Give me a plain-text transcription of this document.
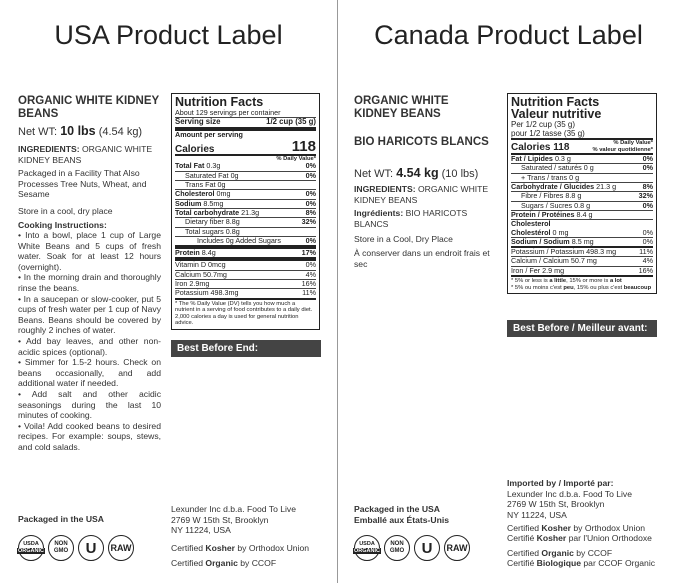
USA Product Label
ORGANIC WHITE KIDNEY BEANS
Net WT: 10 lbs (4.54 kg)
INGREDIENTS: ORGANIC WHITE KIDNEY BEANS
Packaged in a Facility That Also Processes Tree Nuts, Wheat, and Sesame
Store in a cool, dry place
Cooking Instructions:
• Into a bowl, place 1 cup of Large White Beans and 5 cups of fresh water. Soak for at least 12 hours (overnight).
• In the morning drain and thoroughly rinse the beans.
• In a saucepan or slow-cooker, put 5 cups of fresh water per 1 cup of Navy Beans. Beans should be covered by roughly 2 inches of water.
• Add bay leaves, and other non-acidic spices (optional).
• Simmer for 1.5-2 hours. Check on beans occasionally, and add additional water if needed.
• Add salt and other acidic seasonings during the last 10 minutes of cooking.
• Voila! Add cooked beans to desired recipes. For example: soups, stews, and cold salads.
Nutrition Facts
About 129 servings per container
Serving size	1/2 cup (35 g)
Amount per serving
Calories	118
% Daily Value*
Total Fat 0.3g	0%
Saturated Fat 0g	0%
Trans Fat 0g
Cholesterol 0mg	0%
Sodium 8.5mg	0%
Total carbohydrate 21.3g	8%
Dietary fiber 8.8g	32%
Total sugars 0.8g
Includes 0g Added Sugars	0%
Protein 8.4g	17%
Vitamin D 0mcg	0%
Calcium 50.7mg	4%
Iron 2.9mg	16%
Potassium 498.3mg	11%
* The % Daily Value (DV) tells you how much a nutrient in a serving of food contributes to a daily diet. 2,000 calories a day is used for general nutrition advice.
Best Before End:
Packaged in the USA
USDA
ORGANIC
NON GMO	U	RAW
Lexunder Inc d.b.a. Food To Live
2769 W 15th St, Brooklyn
NY 11224, USA
Certified Kosher by Orthodox Union
Certified Organic by CCOF
Canada Product Label
ORGANIC WHITE KIDNEY BEANS
BIO HARICOTS BLANCS
Net WT: 4.54 kg (10 lbs)
INGREDIENTS: ORGANIC WHITE KIDNEY BEANS
Ingrédients: BIO HARICOTS BLANCS
Store in a Cool, Dry Place
À conserver dans un endroit frais et sec
Nutrition Facts
Valeur nutritive
Per 1/2 cup (35 g)
pour 1/2 tasse (35 g)
Calories 118	% Daily Value*
% valeur quotidienne*
Fat / Lipides 0.3 g	0%
Saturated / saturés 0 g	0%
+ Trans / trans 0 g
Carbohydrate / Glucides 21.3 g	8%
Fibre / Fibres 8.8 g	32%
Sugars / Sucres 0.8 g	0%
Protein / Protéines 8.4 g
Cholesterol
Cholestérol 0 mg	0%
Sodium / Sodium 8.5 mg	0%
Potassium / Potassium 498.3 mg	11%
Calcium / Calcium 50.7 mg	4%
Iron / Fer 2.9 mg	16%
* 5% or less is a little, 15% or more is a lot
* 5% ou moins c'est peu, 15% ou plus c'est beaucoup
Best Before / Meilleur avant:
Packaged in the USA
Emballé aux États-Unis
USDA
ORGANIC
NON GMO	U	RAW
Imported by / Importé par:
Lexunder Inc d.b.a. Food To Live
2769 W 15th St, Brooklyn
NY 11224, USA
Certified Kosher by Orthodox Union
Certifié Kosher par l'Union Orthodoxe
Certified Organic by CCOF
Certifié Biologique par CCOF Organic
